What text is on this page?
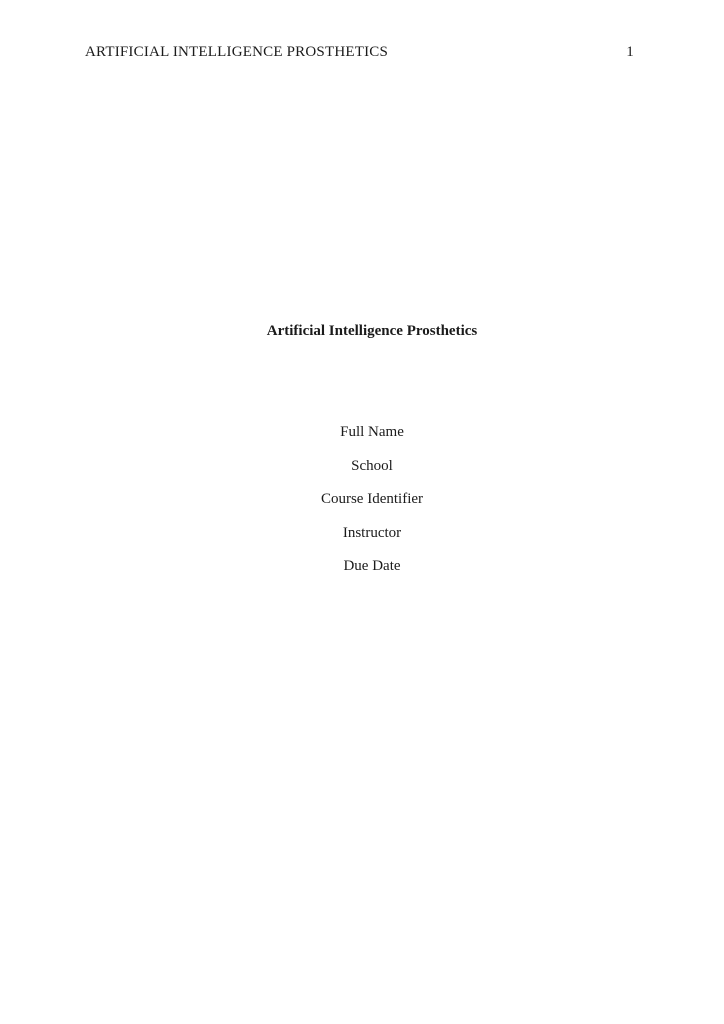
ARTIFICIAL INTELLIGENCE PROSTHETICS	1
Artificial Intelligence Prosthetics
Full Name
School
Course Identifier
Instructor
Due Date
